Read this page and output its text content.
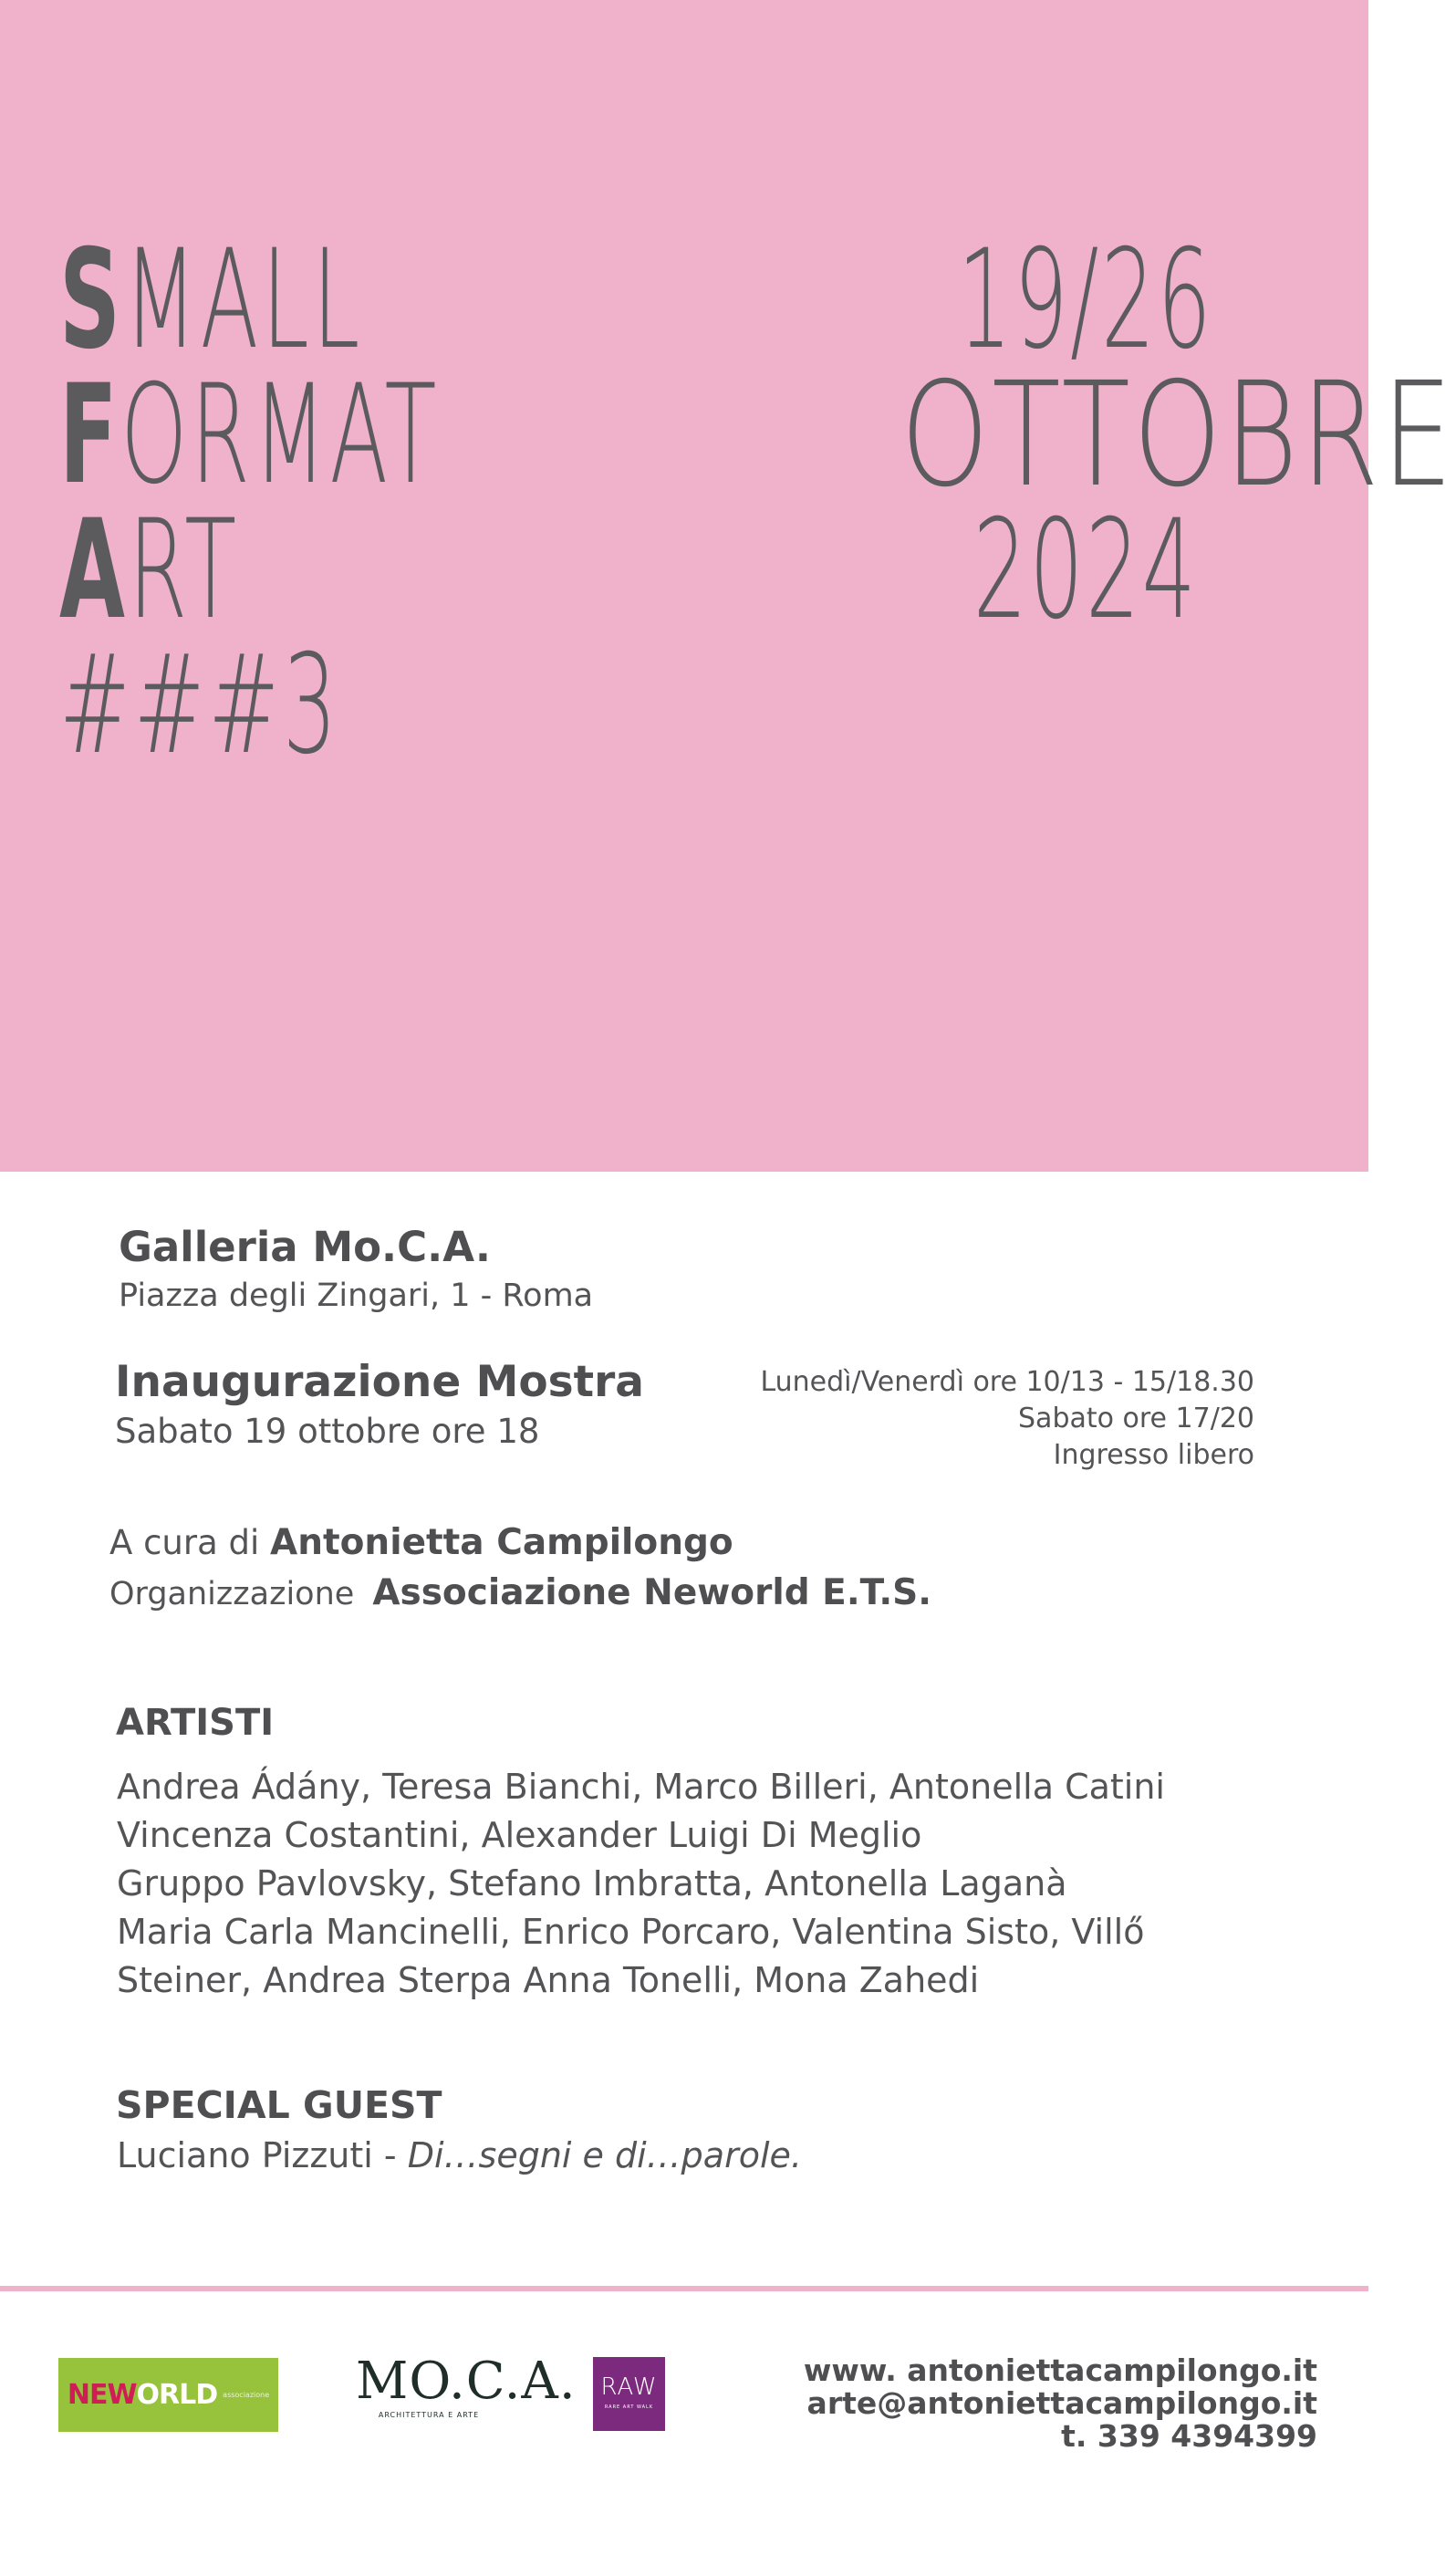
SMALL
FORMAT
ART ###3
19/26
OTTOBRE
2024
Galleria Mo.C.A.
Piazza degli Zingari, 1 - Roma
Inaugurazione Mostra
Sabato 19 ottobre ore 18
Lunedì/Venerdì ore 10/13 - 15/18.30
Sabato ore 17/20
Ingresso libero
A cura di Antonietta Campilongo
Organizzazione Associazione Neworld E.T.S.
ARTISTI
Andrea Ádány, Teresa Bianchi, Marco Billeri, Antonella Catini
Vincenza Costantini, Alexander Luigi Di Meglio
Gruppo Pavlovsky, Stefano Imbratta, Antonella Laganà
Maria Carla Mancinelli, Enrico Porcaro, Valentina Sisto, Villő
Steiner, Andrea Sterpa Anna Tonelli, Mona Zahedi
SPECIAL GUEST
Luciano Pizzuti - Di…segni e di…parole.
NEWORLD associazione MO.C.A.
ARCHITETTURA E ARTE
RAW
RARE ART WALK
www. antoniettacampilongo.it
arte@antoniettacampilongo.it
t. 339 4394399
